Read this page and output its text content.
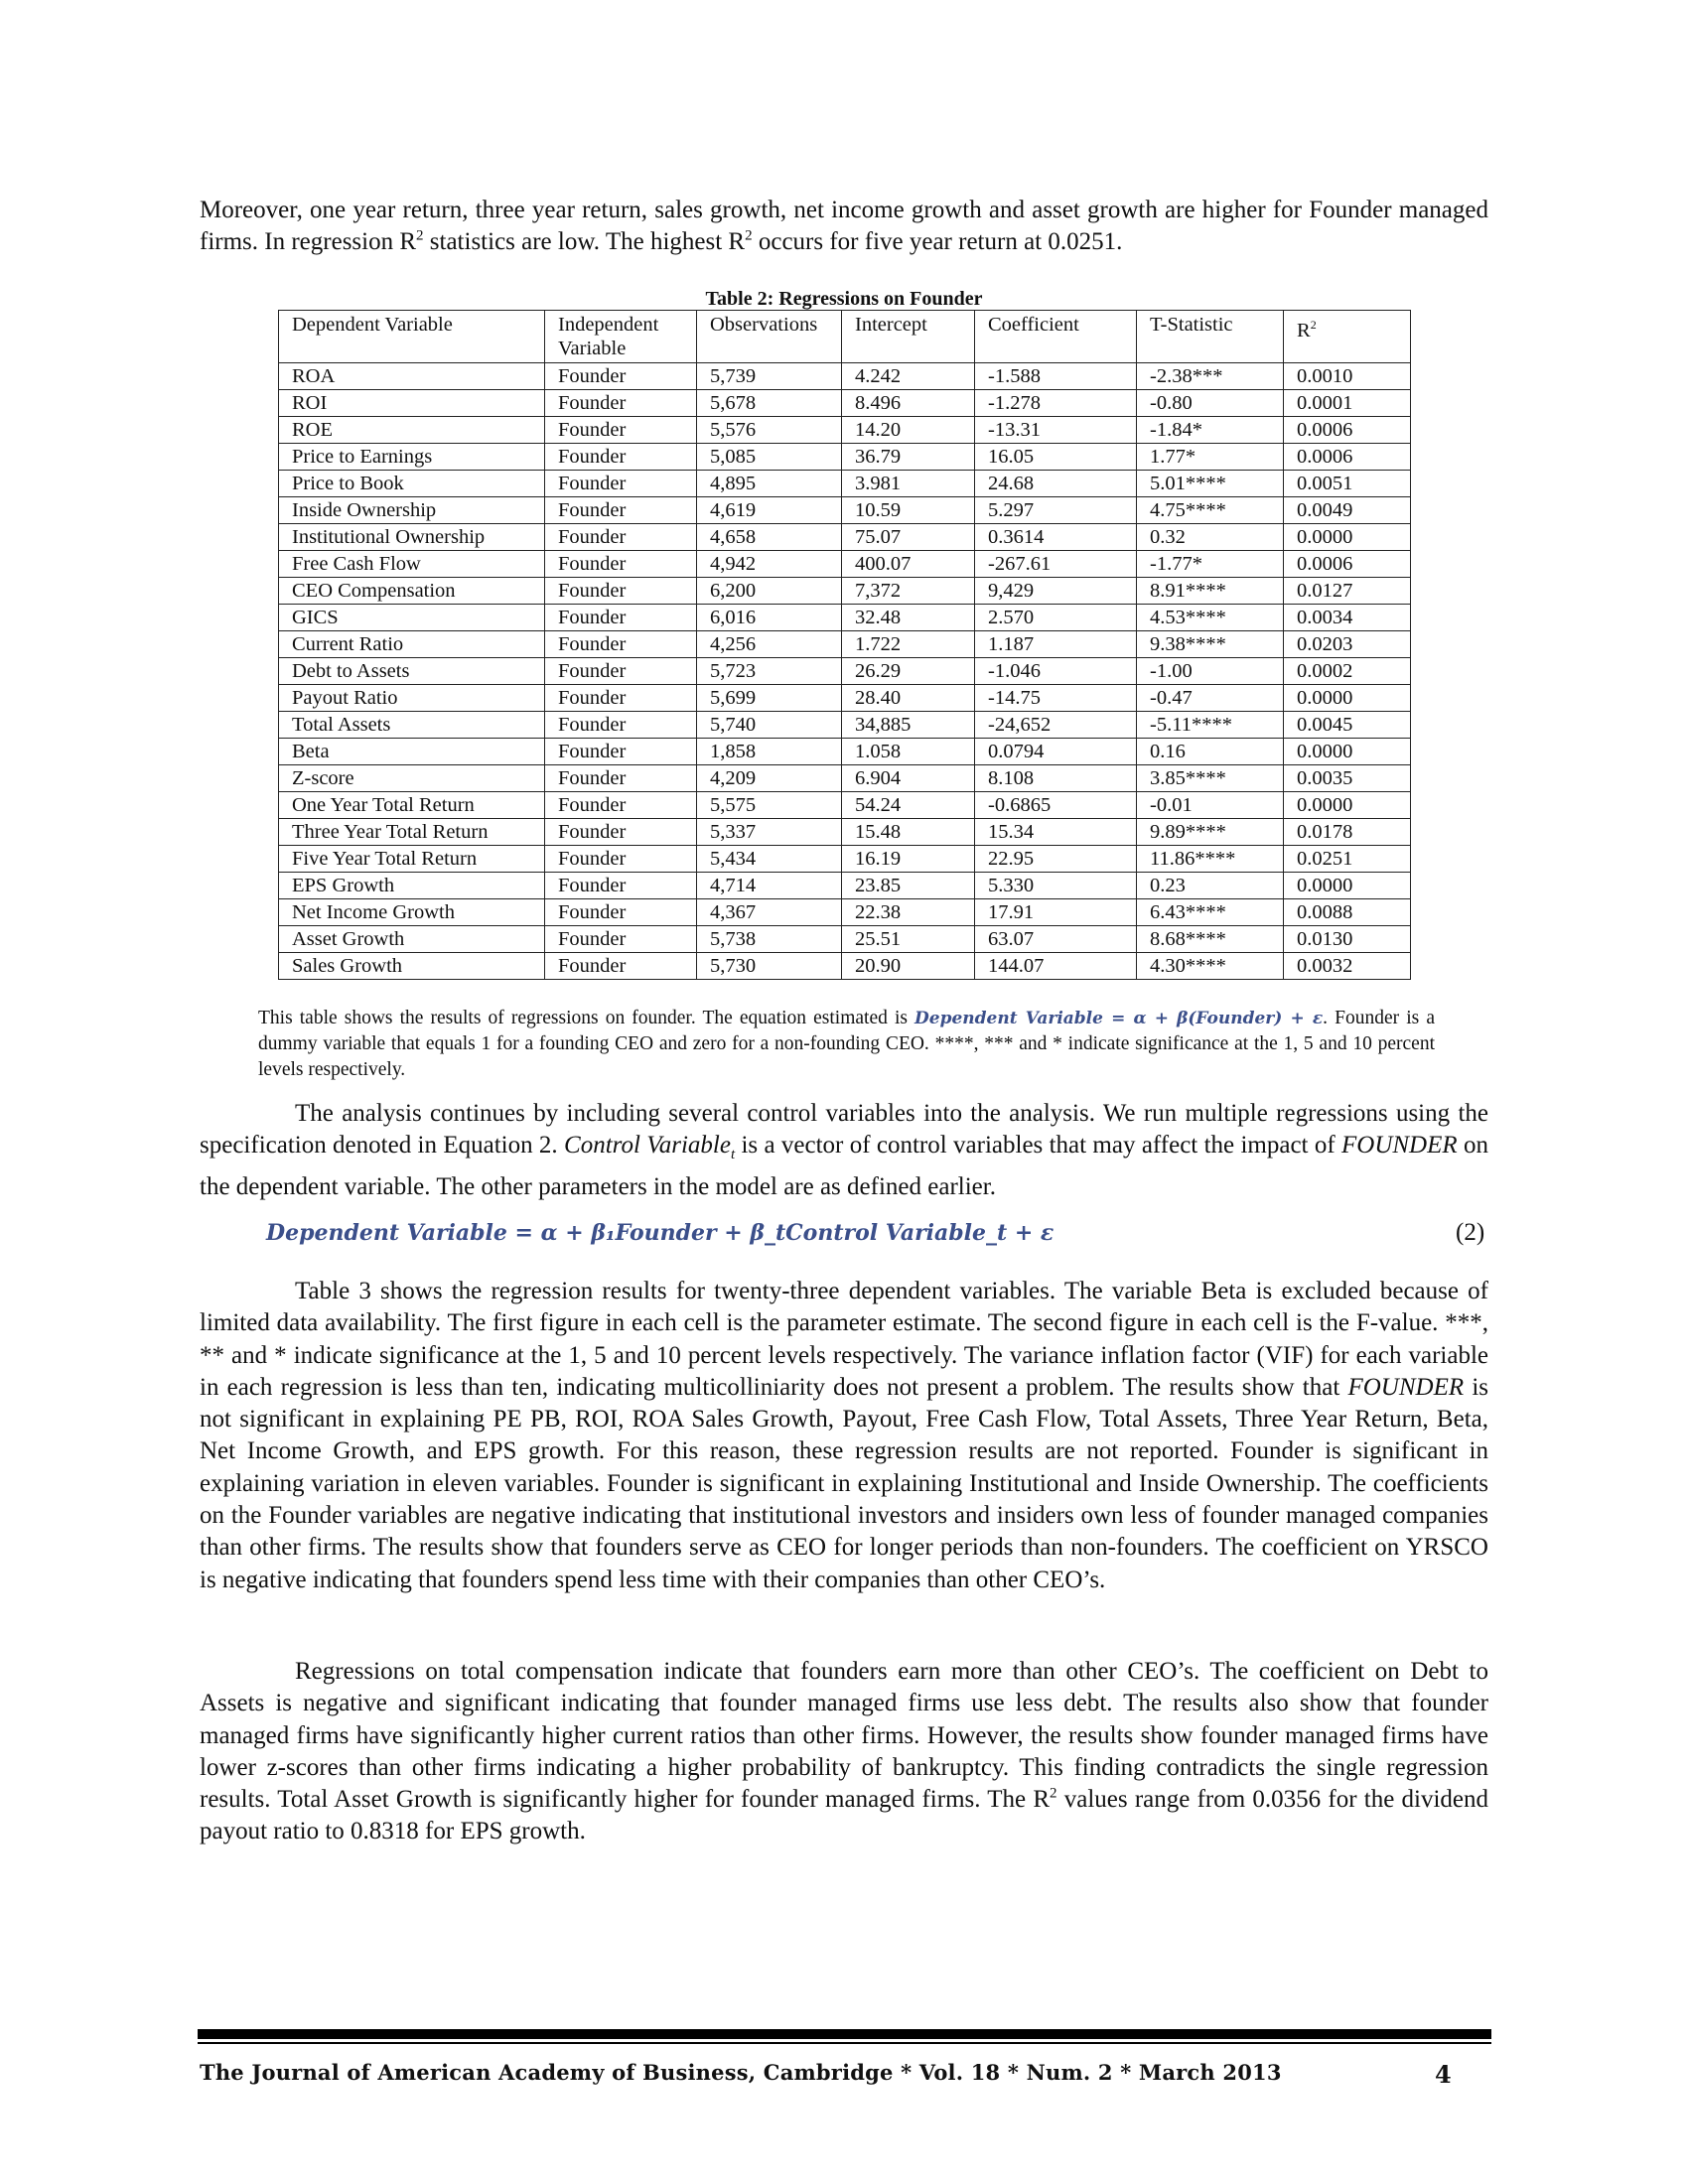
Moreover, one year return, three year return, sales growth, net income growth and asset growth are higher for Founder managed firms. In regression $R^2$ statistics are low. The highest $R^2$ occurs for five year return at 0.0251.

Table 2: Regressions on Founder

Dependent Variable	Independent Variable	Observations	Intercept	Coefficient	T-Statistic	$R^2$
ROA	Founder	5,739	4.242	-1.588	-2.38***	0.0010
ROI	Founder	5,678	8.496	-1.278	-0.80	0.0001
ROE	Founder	5,576	14.20	-13.31	-1.84*	0.0006
Price to Earnings	Founder	5,085	36.79	16.05	1.77*	0.0006
Price to Book	Founder	4,895	3.981	24.68	5.01****	0.0051
Inside Ownership	Founder	4,619	10.59	5.297	4.75****	0.0049
Institutional Ownership	Founder	4,658	75.07	0.3614	0.32	0.0000
Free Cash Flow	Founder	4,942	400.07	-267.61	-1.77*	0.0006
CEO Compensation	Founder	6,200	7,372	9,429	8.91****	0.0127
GICS	Founder	6,016	32.48	2.570	4.53****	0.0034
Current Ratio	Founder	4,256	1.722	1.187	9.38****	0.0203
Debt to Assets	Founder	5,723	26.29	-1.046	-1.00	0.0002
Payout Ratio	Founder	5,699	28.40	-14.75	-0.47	0.0000
Total Assets	Founder	5,740	34,885	-24,652	-5.11****	0.0045
Beta	Founder	1,858	1.058	0.0794	0.16	0.0000
Z-score	Founder	4,209	6.904	8.108	3.85****	0.0035
One Year Total Return	Founder	5,575	54.24	-0.6865	-0.01	0.0000
Three Year Total Return	Founder	5,337	15.48	15.34	9.89****	0.0178
Five Year Total Return	Founder	5,434	16.19	22.95	11.86****	0.0251
EPS Growth	Founder	4,714	23.85	5.330	0.23	0.0000
Net Income Growth	Founder	4,367	22.38	17.91	6.43****	0.0088
Asset Growth	Founder	5,738	25.51	63.07	8.68****	0.0130
Sales Growth	Founder	5,730	20.90	144.07	4.30****	0.0032

This table shows the results of regressions on founder. The equation estimated is Dependent Variable = α + β(Founder) + ε. Founder is a dummy variable that equals 1 for a founding CEO and zero for a non-founding CEO. ****, *** and * indicate significance at the 1, 5 and 10 percent levels respectively.

The analysis continues by including several control variables into the analysis. We run multiple regressions using the specification denoted in Equation 2. Control Variable$_t$ is a vector of control variables that may affect the impact of FOUNDER on the dependent variable. The other parameters in the model are as defined earlier.

Dependent Variable = α + β₁Founder + β_tControl Variable_t + ε	(2)

Table 3 shows the regression results for twenty-three dependent variables. The variable Beta is excluded because of limited data availability. The first figure in each cell is the parameter estimate. The second figure in each cell is the F-value. ***, ** and * indicate significance at the 1, 5 and 10 percent levels respectively. The variance inflation factor (VIF) for each variable in each regression is less than ten, indicating multicolliniarity does not present a problem. The results show that FOUNDER is not significant in explaining PE PB, ROI, ROA Sales Growth, Payout, Free Cash Flow, Total Assets, Three Year Return, Beta, Net Income Growth, and EPS growth. For this reason, these regression results are not reported. Founder is significant in explaining variation in eleven variables. Founder is significant in explaining Institutional and Inside Ownership. The coefficients on the Founder variables are negative indicating that institutional investors and insiders own less of founder managed companies than other firms. The results show that founders serve as CEO for longer periods than non-founders. The coefficient on YRSCO is negative indicating that founders spend less time with their companies than other CEO’s.

Regressions on total compensation indicate that founders earn more than other CEO’s. The coefficient on Debt to Assets is negative and significant indicating that founder managed firms use less debt. The results also show that founder managed firms have significantly higher current ratios than other firms. However, the results show founder managed firms have lower z-scores than other firms indicating a higher probability of bankruptcy. This finding contradicts the single regression results. Total Asset Growth is significantly higher for founder managed firms. The $R^2$ values range from 0.0356 for the dividend payout ratio to 0.8318 for EPS growth.

The Journal of American Academy of Business, Cambridge * Vol. 18 * Num. 2 * March 2013	4
